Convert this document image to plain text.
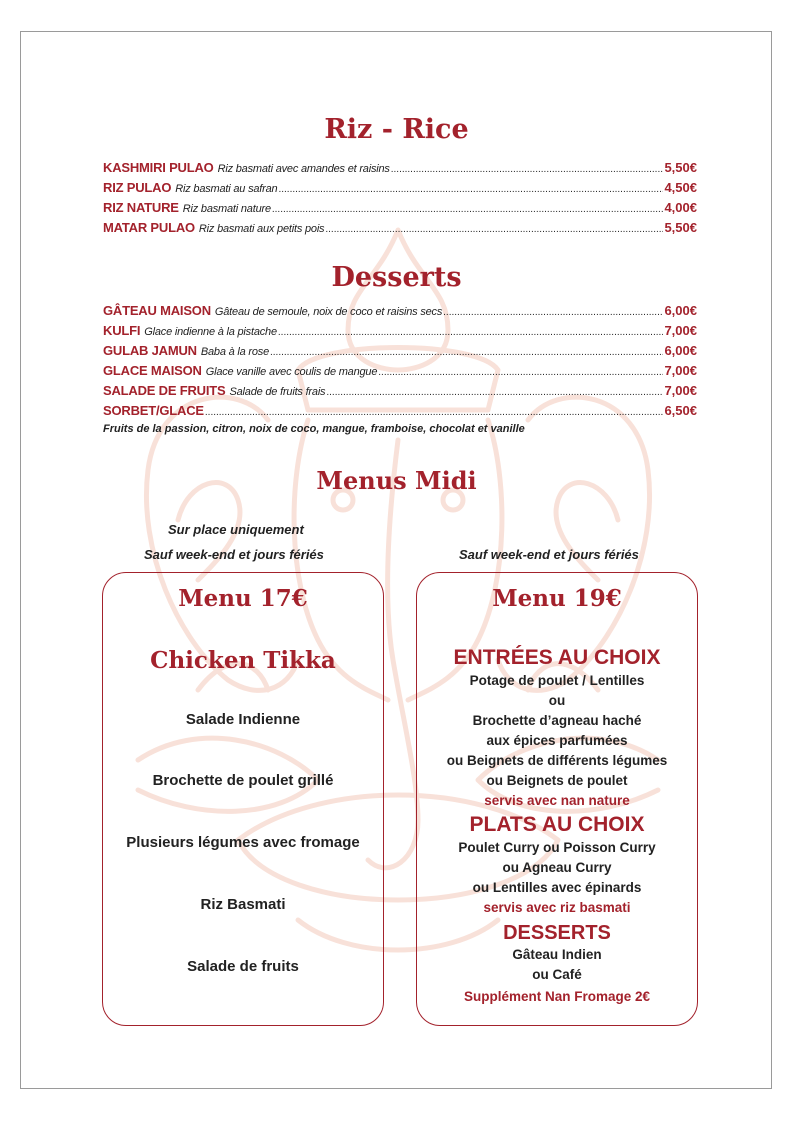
Riz - Rice
KASHMIRI PULAO Riz basmati avec amandes et raisins .....	5,50€
RIZ PULAO Riz basmati au safran .....	4,50€
RIZ NATURE Riz basmati nature .....	4,00€
MATAR PULAO Riz basmati aux petits pois .....	5,50€
Desserts
GÂTEAU MAISON Gâteau de semoule, noix de coco et raisins secs .....	6,00€
KULFI Glace indienne à la pistache .....	7,00€
GULAB JAMUN Baba à la rose .....	6,00€
GLACE MAISON Glace vanille avec coulis de mangue .....	7,00€
SALADE DE FRUITS Salade de fruits frais .....	7,00€
SORBET/GLACE .....	6,50€
Fruits de la passion, citron, noix de coco, mangue, framboise, chocolat et vanille
Menus Midi
Sur place uniquement
Sauf week-end et jours fériés	Sauf week-end et jours fériés
Menu 17€
Chicken Tikka
Salade Indienne
Brochette de poulet grillé
Plusieurs légumes avec fromage
Riz Basmati
Salade de fruits
Menu 19€
ENTRÉES AU CHOIX
Potage de poulet / Lentilles
ou
Brochette d’agneau haché
aux épices parfumées
ou Beignets de différents légumes
ou Beignets de poulet
servis avec nan nature
PLATS AU CHOIX
Poulet Curry ou Poisson Curry
ou Agneau Curry
ou Lentilles avec épinards
servis avec riz basmati
DESSERTS
Gâteau Indien
ou Café
Supplément Nan Fromage 2€
